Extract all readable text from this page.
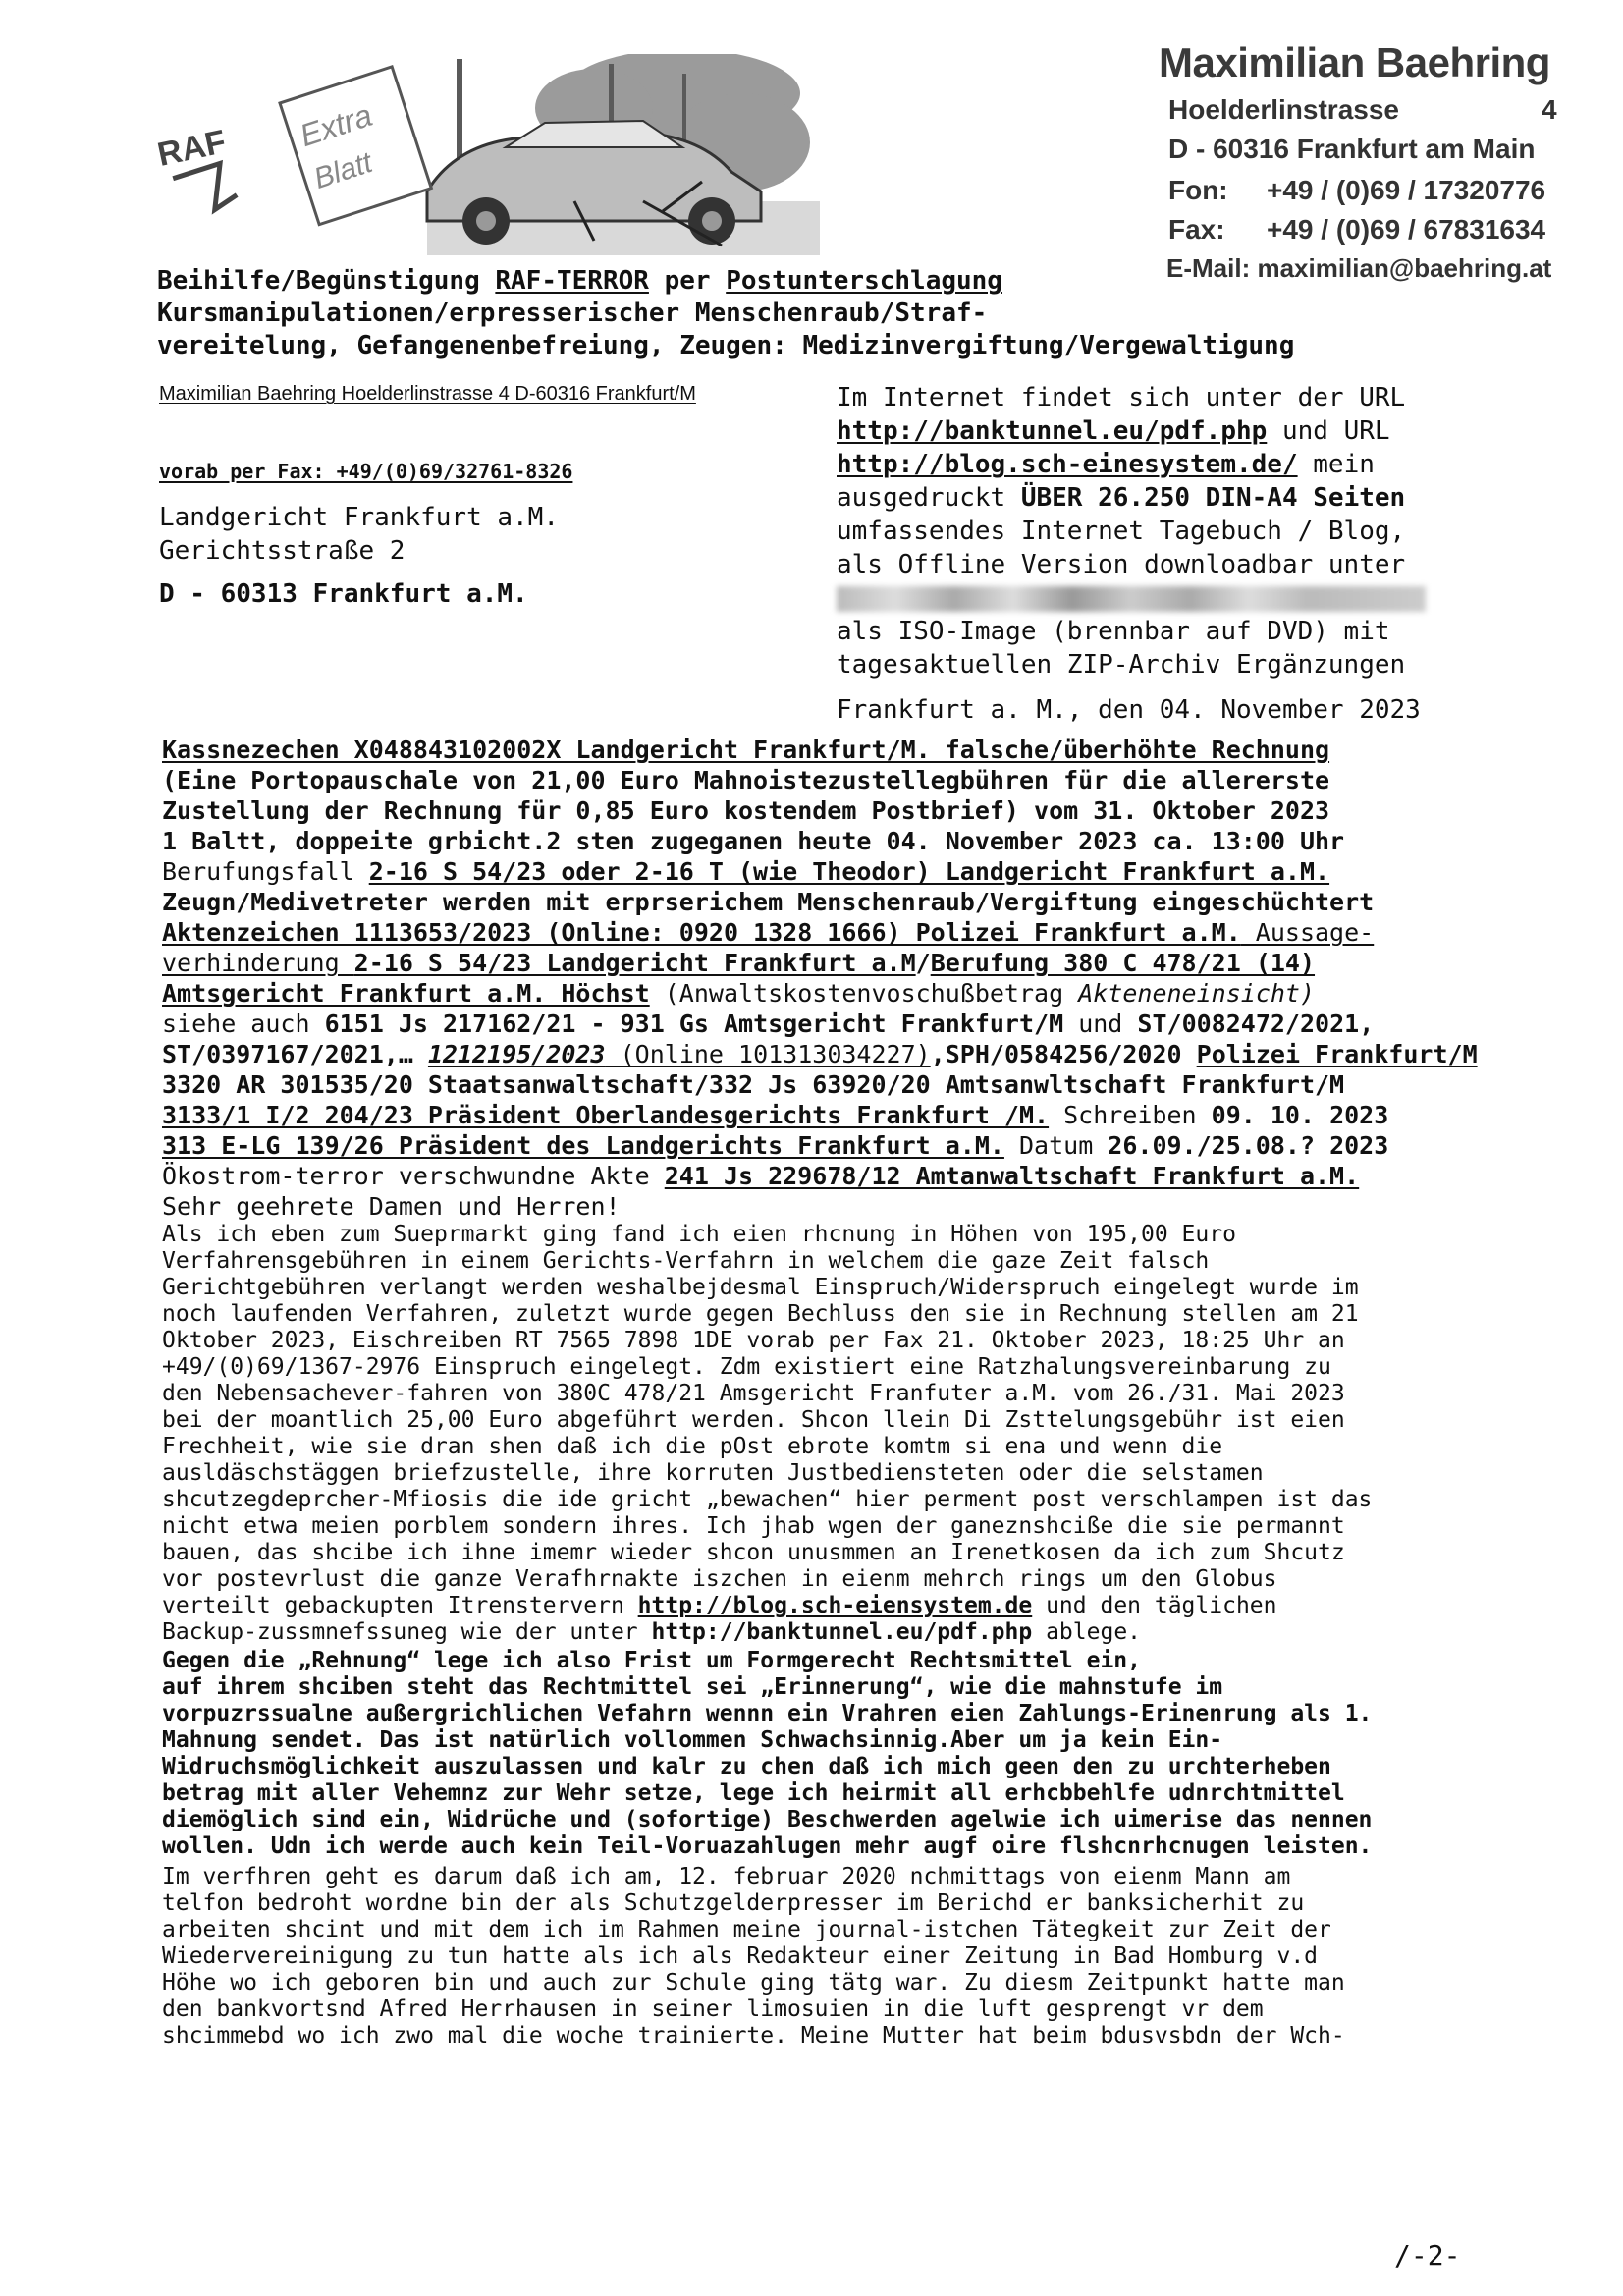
RAF Extra
Blatt
Maximilian Baehring
Hoelderlinstrasse	4
D - 60316 Frankfurt am Main
Fon: +49 / (0)69 / 17320776
Fax: +49 / (0)69 / 67831634
E-Mail: maximilian@baehring.at
Beihilfe/Begünstigung RAF-TERROR per Postunterschlagung
Kursmanipulationen/erpresserischer Menschenraub/Straf-
vereitelung, Gefangenenbefreiung, Zeugen: Medizinvergiftung/Vergewaltigung
Maximilian Baehring Hoelderlinstrasse 4 D-60316 Frankfurt/M
vorab per Fax: +49/(0)69/32761-8326
Landgericht Frankfurt a.M.
Gerichtsstraße 2
D - 60313 Frankfurt a.M.
Im Internet findet sich unter der URL
http://banktunnel.eu/pdf.php und URL
http://blog.sch-einesystem.de/ mein
ausgedruckt ÜBER 26.250 DIN-A4 Seiten
umfassendes Internet Tagebuch / Blog,
als Offline Version downloadbar unter
als ISO-Image (brennbar auf DVD) mit
tagesaktuellen ZIP-Archiv Ergänzungen
Frankfurt a. M., den 04. November 2023

Kassnezechen X048843102002X Landgericht Frankfurt/M. falsche/überhöhte Rechnung

(Eine Portopauschale von 21,00 Euro Mahnoistezustellegbühren für die allererste

Zustellung der Rechnung für 0,85 Euro kostendem Postbrief) vom 31. Oktober 2023

1 Baltt, doppeite grbicht.2 sten zugeganen heute 04. November 2023 ca. 13:00 Uhr

Berufungsfall 2-16 S 54/23 oder 2-16 T (wie Theodor) Landgericht Frankfurt a.M.

Zeugn/Medivetreter werden mit erprserichem Menschenraub/Vergiftung eingeschüchtert

Aktenzeichen 1113653/2023 (Online: 0920 1328 1666) Polizei Frankfurt a.M. Aussage-

verhinderung 2-16 S 54/23 Landgericht Frankfurt a.M/Berufung 380 C 478/21 (14)

Amtsgericht Frankfurt a.M. Höchst (Anwaltskostenvoschußbetrag Akteneneinsicht)

siehe auch 6151 Js 217162/21 - 931 Gs Amtsgericht Frankfurt/M und ST/0082472/2021,

ST/0397167/2021,… 1212195/2023 (Online 101313034227),SPH/0584256/2020 Polizei Frankfurt/M

3320 AR 301535/20 Staatsanwaltschaft/332 Js 63920/20 Amtsanwltschaft Frankfurt/M

3133/1 I/2 204/23 Präsident Oberlandesgerichts Frankfurt /M. Schreiben 09. 10. 2023

313 E-LG 139/26 Präsident des Landgerichts Frankfurt a.M. Datum 26.09./25.08.? 2023

Ökostrom-terror verschwundne Akte 241 Js 229678/12 Amtanwaltschaft Frankfurt a.M.

Sehr geehrete Damen und Herren!

Als ich eben zum Sueprmarkt ging fand ich eien rhcnung in Höhen von 195,00 Euro
Verfahrensgebühren in einem Gerichts-Verfahrn in welchem die gaze Zeit falsch
Gerichtgebühren verlangt werden weshalbejdesmal Einspruch/Widerspruch eingelegt wurde im
noch laufenden Verfahren, zuletzt wurde gegen Bechluss den sie in Rechnung stellen am 21
Oktober 2023, Eischreiben RT 7565 7898 1DE vorab per Fax 21. Oktober 2023, 18:25 Uhr an
+49/(0)69/1367-2976 Einspruch eingelegt. Zdm existiert eine Ratzhalungsvereinbarung zu
den Nebensachever-fahren von 380C 478/21 Amsgericht Franfuter a.M. vom 26./31. Mai 2023
bei der moantlich 25,00 Euro abgeführt werden. Shcon llein Di Zsttelungsgebühr ist eien
Frechheit, wie sie dran shen daß ich die pOst ebrote komtm si ena und wenn die
ausldäschstäggen briefzustelle, ihre korruten Justbediensteten oder die selstamen
shcutzegdeprcher-Mfiosis die ide gricht „bewachen“ hier perment post verschlampen ist das
nicht etwa meien porblem sondern ihres. Ich jhab wgen der ganeznshciße die sie permannt
bauen, das shcibe ich ihne imemr wieder shcon unusmmen an Irenetkosen da ich zum Shcutz
vor postevrlust die ganze Verafhrnakte iszchen in eienm mehrch rings um den Globus
verteilt gebackupten Itrenstervern http://blog.sch-eiensystem.de und den täglichen
Backup-zussmnefssuneg wie der unter http://banktunnel.eu/pdf.php ablege.
Gegen die „Rehnung“ lege ich also Frist um Formgerecht Rechtsmittel ein,
auf ihrem shciben steht das Rechtmittel sei „Erinnerung“, wie die mahnstufe im
vorpuzrssualne außergrichlichen Vefahrn wennn ein Vrahren eien Zahlungs-Erinenrung als 1.
Mahnung sendet. Das ist natürlich vollommen Schwachsinnig.Aber um ja kein Ein-
Widruchsmöglichkeit auszulassen und kalr zu chen daß ich mich geen den zu urchterheben
betrag mit aller Vehemnz zur Wehr setze, lege ich heirmit all erhcbbehlfe udnrchtmittel
diemöglich sind ein, Widrüche und (sofortige) Beschwerden agelwie ich uimerise das nennen
wollen. Udn ich werde auch kein Teil-Voruazahlugen mehr augf oire flshcnrhcnugen leisten.
Im verfhren geht es darum daß ich am, 12. februar 2020 nchmittags von eienm Mann am
telfon bedroht wordne bin der als Schutzgelderpresser im Berichd er banksicherhit zu
arbeiten shcint und mit dem ich im Rahmen meine journal-istchen Tätegkeit zur Zeit der
Wiedervereinigung zu tun hatte als ich als Redakteur einer Zeitung in Bad Homburg v.d
Höhe wo ich geboren bin und auch zur Schule ging tätg war. Zu diesm Zeitpunkt hatte man
den bankvortsnd Afred Herrhausen in seiner limosuien in die luft gesprengt vr dem
shcimmebd wo ich zwo mal die woche trainierte. Meine Mutter hat beim bdusvsbdn der Wch-
/-2-
